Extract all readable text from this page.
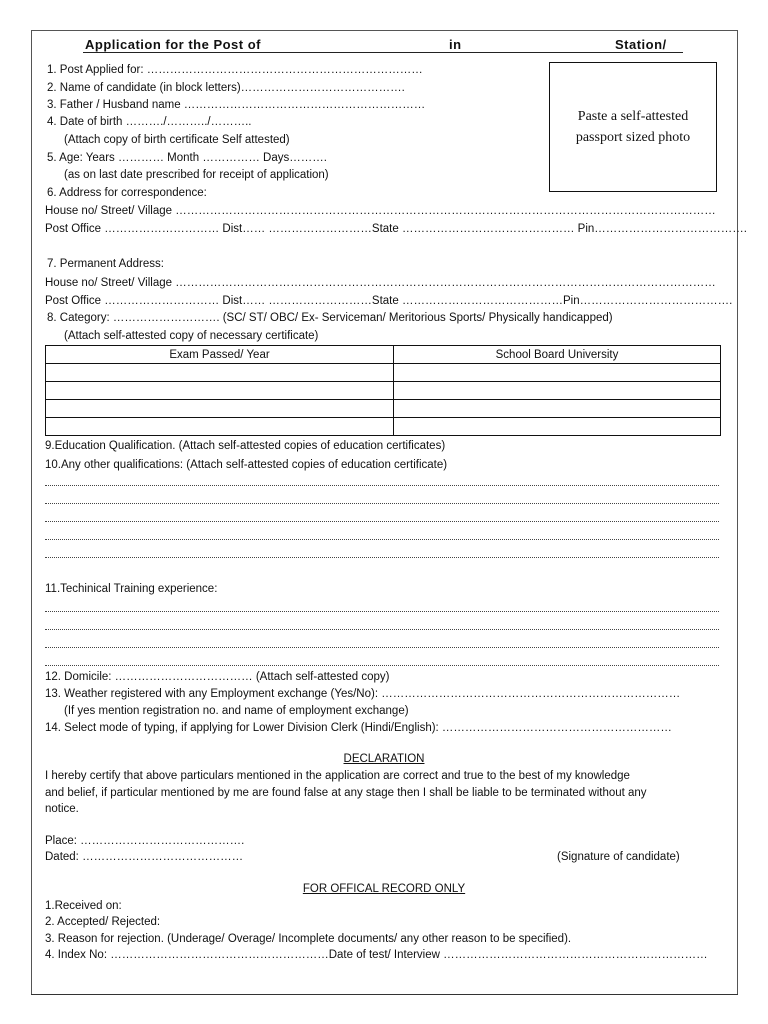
Application for the Post of	in	Station/
Paste a self-attested
passport sized photo
1. Post Applied for: ………………………………………………………………
2. Name of candidate (in block letters)…………………………………….
3. Father / Husband name ………………………………………………………
4. Date of birth ………./………../………..
(Attach copy of birth certificate Self attested)
5. Age: Years ………… Month …………… Days……….
(as on last date prescribed for receipt of application)
6. Address for correspondence:
House no/ Street/ Village ……………………………………………………………………………………………………………………………
Post Office ………………………… Dist…… ………………………State ……………………………………… Pin………………………………….
7. Permanent Address:
House no/ Street/ Village ……………………………………………………………………………………………………………………………
Post Office ………………………… Dist…… ………………………State ……………………………………Pin………………………………….
8. Category: ………………………. (SC/ ST/ OBC/ Ex- Serviceman/ Meritorious Sports/ Physically handicapped)
(Attach self-attested copy of necessary certificate)
Exam Passed/ Year	School Board University

9.Education Qualification. (Attach self-attested copies of education certificates)
10.Any other qualifications: (Attach self-attested copies of education certificate)
11.Techinical Training experience:
12. Domicile: ……………………………… (Attach self-attested copy)
13. Weather registered with any Employment exchange (Yes/No): ……………………………………………………………………
(If yes mention registration no. and name of employment exchange)
14. Select mode of typing, if applying for Lower Division Clerk (Hindi/English): ……………………………………………………
DECLARATION
I hereby certify that above particulars mentioned in the application are correct and true to the best of my knowledge
and belief, if particular mentioned by me are found false at any stage then I shall be liable to be terminated without any
notice.
Place: …………………………………….
Dated: ……………………………………	(Signature of candidate)
FOR OFFICAL RECORD ONLY
1.Received on:
2. Accepted/ Rejected:
3. Reason for rejection. (Underage/ Overage/ Incomplete documents/ any other reason to be specified).
4. Index No: …………………………………………………Date of test/ Interview ……………………………………………………………
